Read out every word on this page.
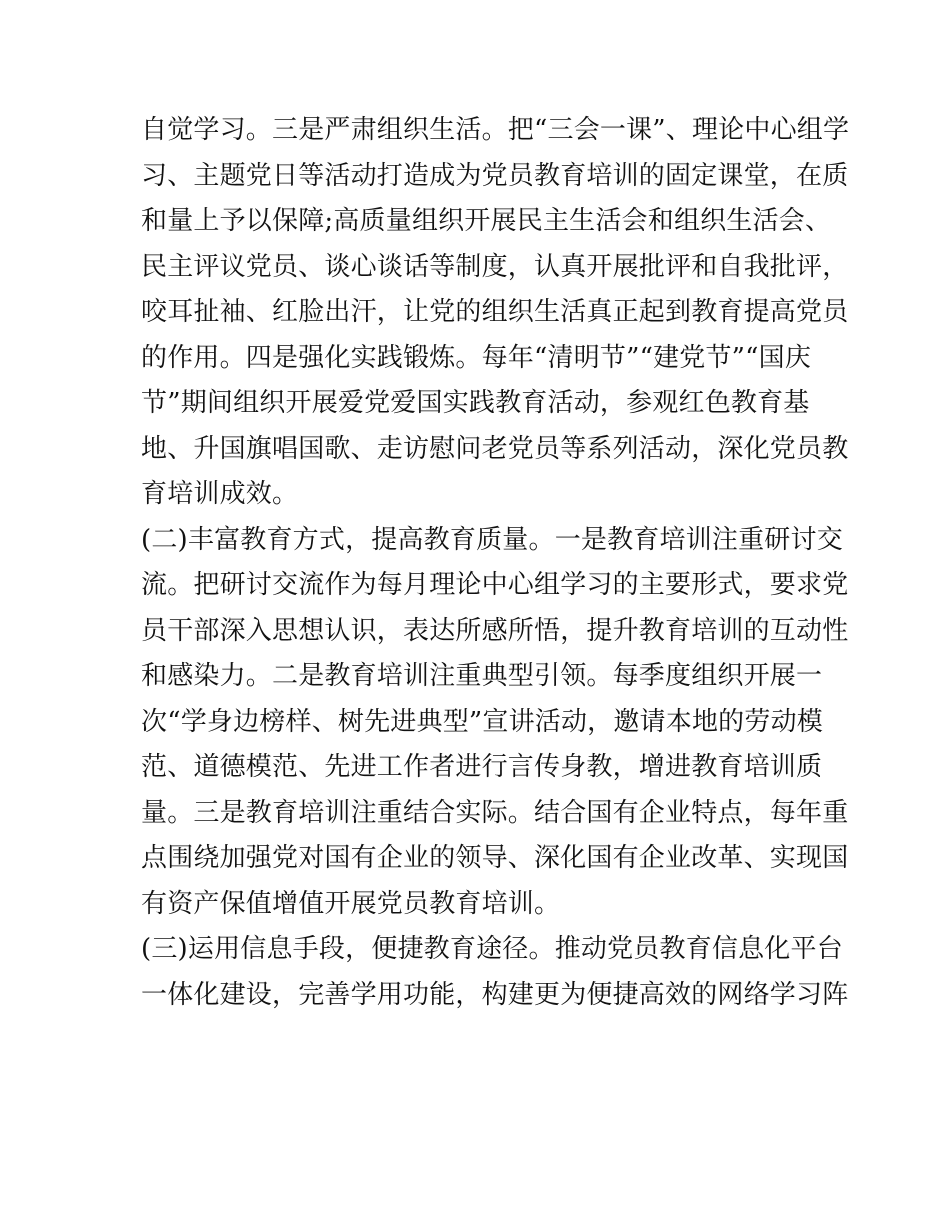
自觉学习。三是严肃组织生活。把“三会一课”、理论中心组学
习、主题党日等活动打造成为党员教育培训的固定课堂，在质
和量上予以保障;高质量组织开展民主生活会和组织生活会、
民主评议党员、谈心谈话等制度，认真开展批评和自我批评，
咬耳扯袖、红脸出汗，让党的组织生活真正起到教育提高党员
的作用。四是强化实践锻炼。每年“清明节”“建党节”“国庆
节”期间组织开展爱党爱国实践教育活动，参观红色教育基
地、升国旗唱国歌、走访慰问老党员等系列活动，深化党员教
育培训成效。
(二)丰富教育方式，提高教育质量。一是教育培训注重研讨交
流。把研讨交流作为每月理论中心组学习的主要形式，要求党
员干部深入思想认识，表达所感所悟，提升教育培训的互动性
和感染力。二是教育培训注重典型引领。每季度组织开展一
次“学身边榜样、树先进典型”宣讲活动，邀请本地的劳动模
范、道德模范、先进工作者进行言传身教，增进教育培训质
量。三是教育培训注重结合实际。结合国有企业特点，每年重
点围绕加强党对国有企业的领导、深化国有企业改革、实现国
有资产保值增值开展党员教育培训。
(三)运用信息手段，便捷教育途径。推动党员教育信息化平台
一体化建设，完善学用功能，构建更为便捷高效的网络学习阵
